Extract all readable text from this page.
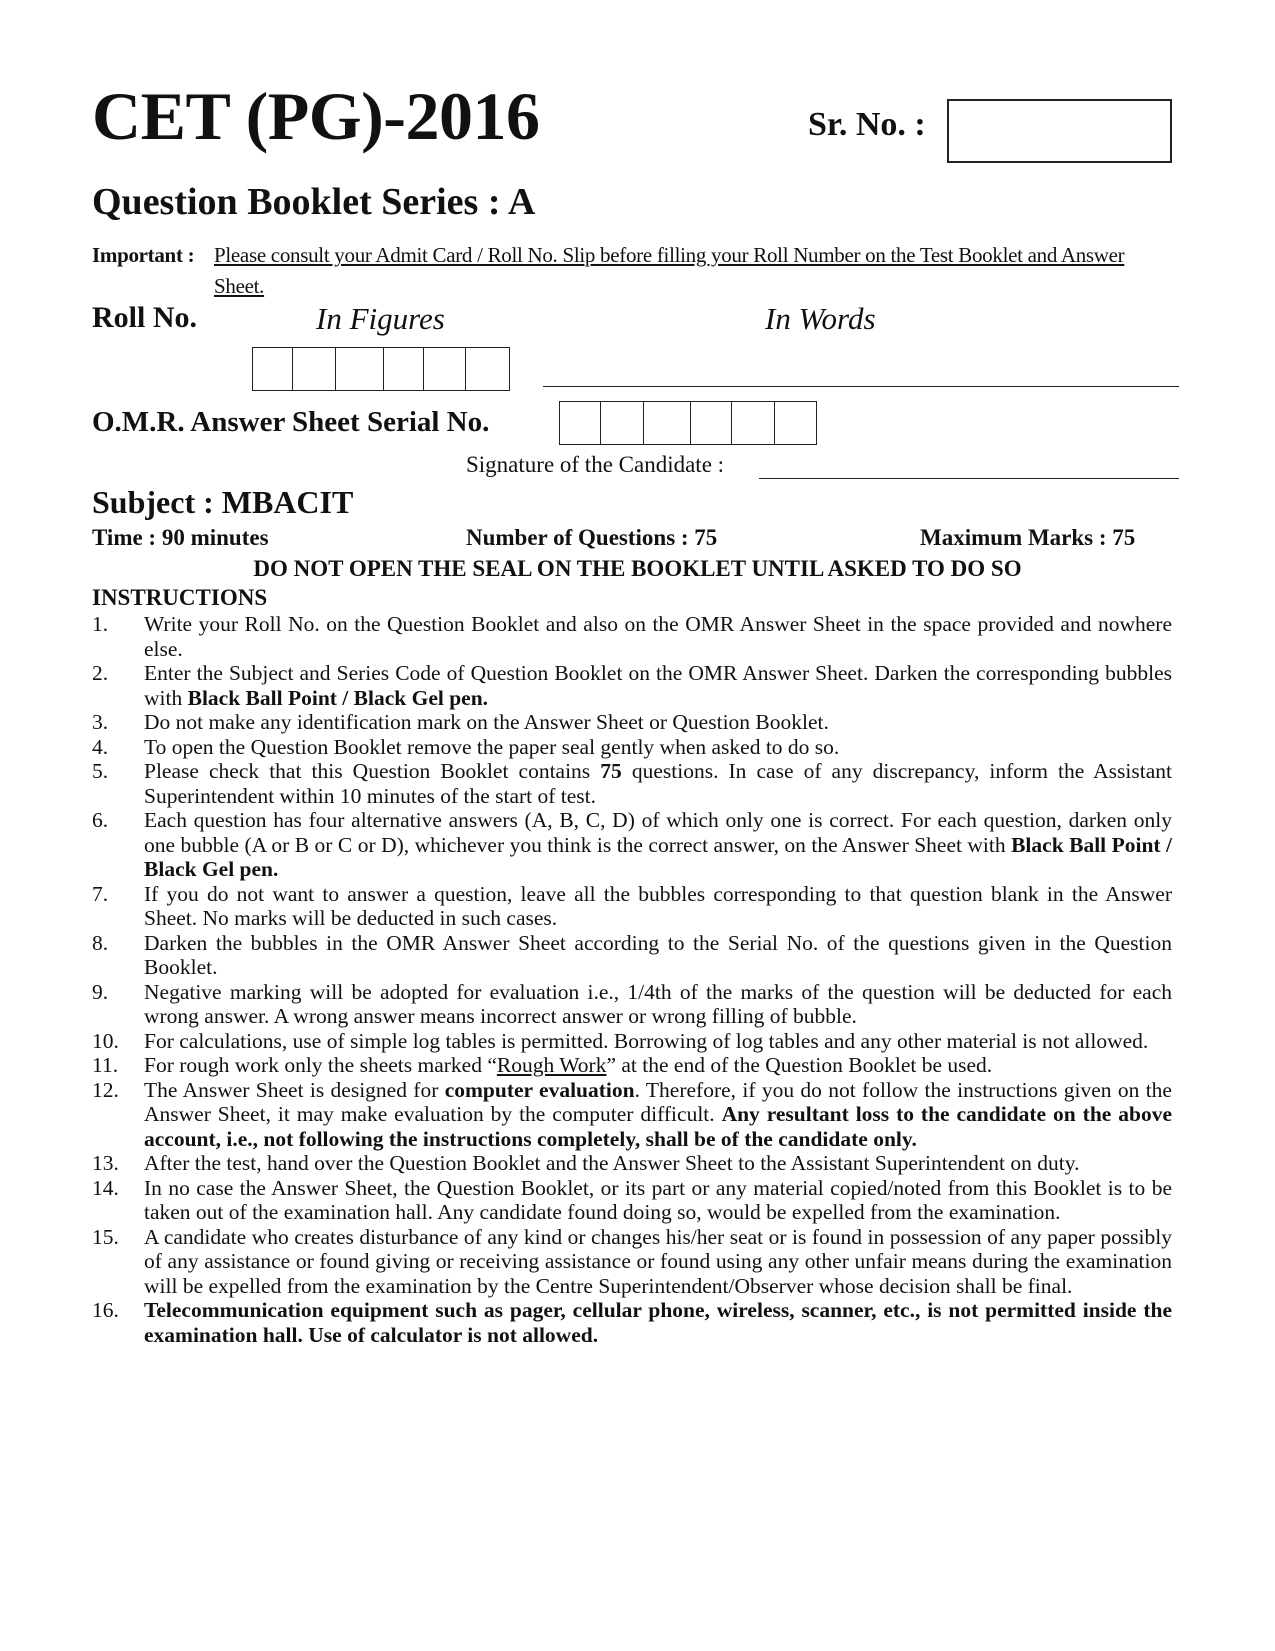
CET (PG)-2016	Sr. No. :
Question Booklet Series : A
Important : Please consult your Admit Card / Roll No. Slip before filling your Roll Number on the Test Booklet and Answer Sheet.
Roll No.	In Figures	In Words
O.M.R. Answer Sheet Serial No.
Signature of the Candidate :
Subject : MBACIT
Time : 90 minutes	Number of Questions : 75	Maximum Marks : 75
DO NOT OPEN THE SEAL ON THE BOOKLET UNTIL ASKED TO DO SO
INSTRUCTIONS
1. Write your Roll No. on the Question Booklet and also on the OMR Answer Sheet in the space provided and nowhere else.
2. Enter the Subject and Series Code of Question Booklet on the OMR Answer Sheet. Darken the corresponding bubbles with Black Ball Point / Black Gel pen.
3. Do not make any identification mark on the Answer Sheet or Question Booklet.
4. To open the Question Booklet remove the paper seal gently when asked to do so.
5. Please check that this Question Booklet contains 75 questions. In case of any discrepancy, inform the Assistant Superintendent within 10 minutes of the start of test.
6. Each question has four alternative answers (A, B, C, D) of which only one is correct. For each question, darken only one bubble (A or B or C or D), whichever you think is the correct answer, on the Answer Sheet with Black Ball Point / Black Gel pen.
7. If you do not want to answer a question, leave all the bubbles corresponding to that question blank in the Answer Sheet. No marks will be deducted in such cases.
8. Darken the bubbles in the OMR Answer Sheet according to the Serial No. of the questions given in the Question Booklet.
9. Negative marking will be adopted for evaluation i.e., 1/4th of the marks of the question will be deducted for each wrong answer. A wrong answer means incorrect answer or wrong filling of bubble.
10. For calculations, use of simple log tables is permitted. Borrowing of log tables and any other material is not allowed.
11. For rough work only the sheets marked “Rough Work” at the end of the Question Booklet be used.
12. The Answer Sheet is designed for computer evaluation. Therefore, if you do not follow the instructions given on the Answer Sheet, it may make evaluation by the computer difficult. Any resultant loss to the candidate on the above account, i.e., not following the instructions completely, shall be of the candidate only.
13. After the test, hand over the Question Booklet and the Answer Sheet to the Assistant Superintendent on duty.
14. In no case the Answer Sheet, the Question Booklet, or its part or any material copied/noted from this Booklet is to be taken out of the examination hall. Any candidate found doing so, would be expelled from the examination.
15. A candidate who creates disturbance of any kind or changes his/her seat or is found in possession of any paper possibly of any assistance or found giving or receiving assistance or found using any other unfair means during the examination will be expelled from the examination by the Centre Superintendent/Observer whose decision shall be final.
16. Telecommunication equipment such as pager, cellular phone, wireless, scanner, etc., is not permitted inside the examination hall. Use of calculator is not allowed.
